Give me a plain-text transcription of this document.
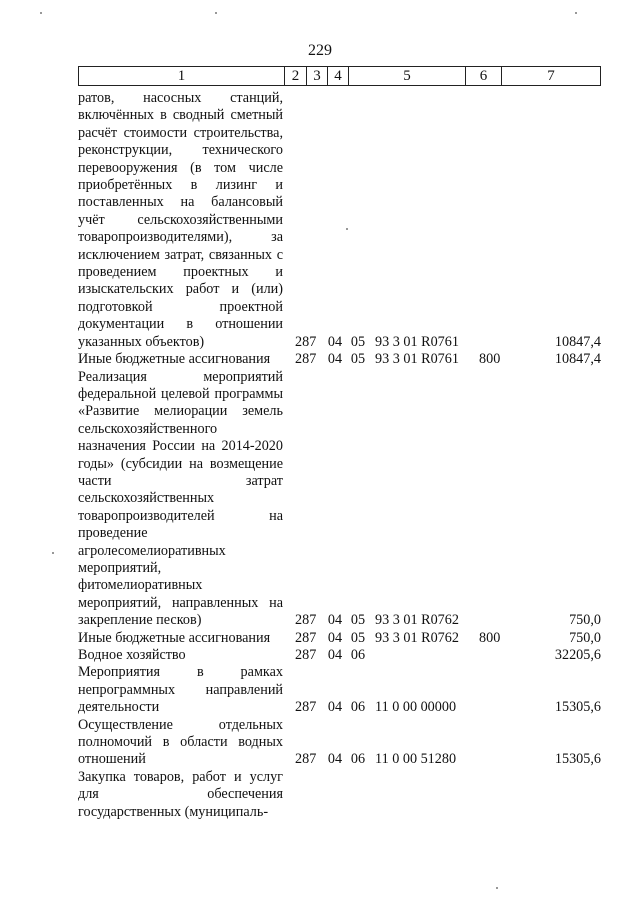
229
1	2 3 4	5	6	7
ратов, насосных станций, включённых в сводный сметный расчёт стоимости строительства, реконструкции, технического перевооружения (в том числе приобретённых в лизинг и поставленных на балансовый учёт сельскохозяйственными товаропроизводителями), за исключением затрат, связанных с проведением проектных и изыскательских работ и (или) подготовкой проектной документации в отношении указанных объектов)	287 04 05 93 3 01 R0761	10847,4
Иные бюджетные ассигнования	287 04 05 93 3 01 R0761	800	10847,4
Реализация мероприятий федеральной целевой программы «Развитие мелиорации земель сельскохозяйственного назначения России на 2014-2020 годы» (субсидии на возмещение части затрат сельскохозяйственных товаропроизводителей на проведение агролесомелиоративных мероприятий, фитомелиоративных мероприятий, направленных на закрепление песков)	287 04 05 93 3 01 R0762	750,0
Иные бюджетные ассигнования	287 04 05 93 3 01 R0762	800	750,0
Водное хозяйство	287 04 06	32205,6
Мероприятия в рамках непрограммных направлений деятельности	287 04 06 11 0 00 00000	15305,6
Осуществление отдельных полномочий в области водных отношений	287 04 06 11 0 00 51280	15305,6
Закупка товаров, работ и услуг для обеспечения государственных (муниципаль-
